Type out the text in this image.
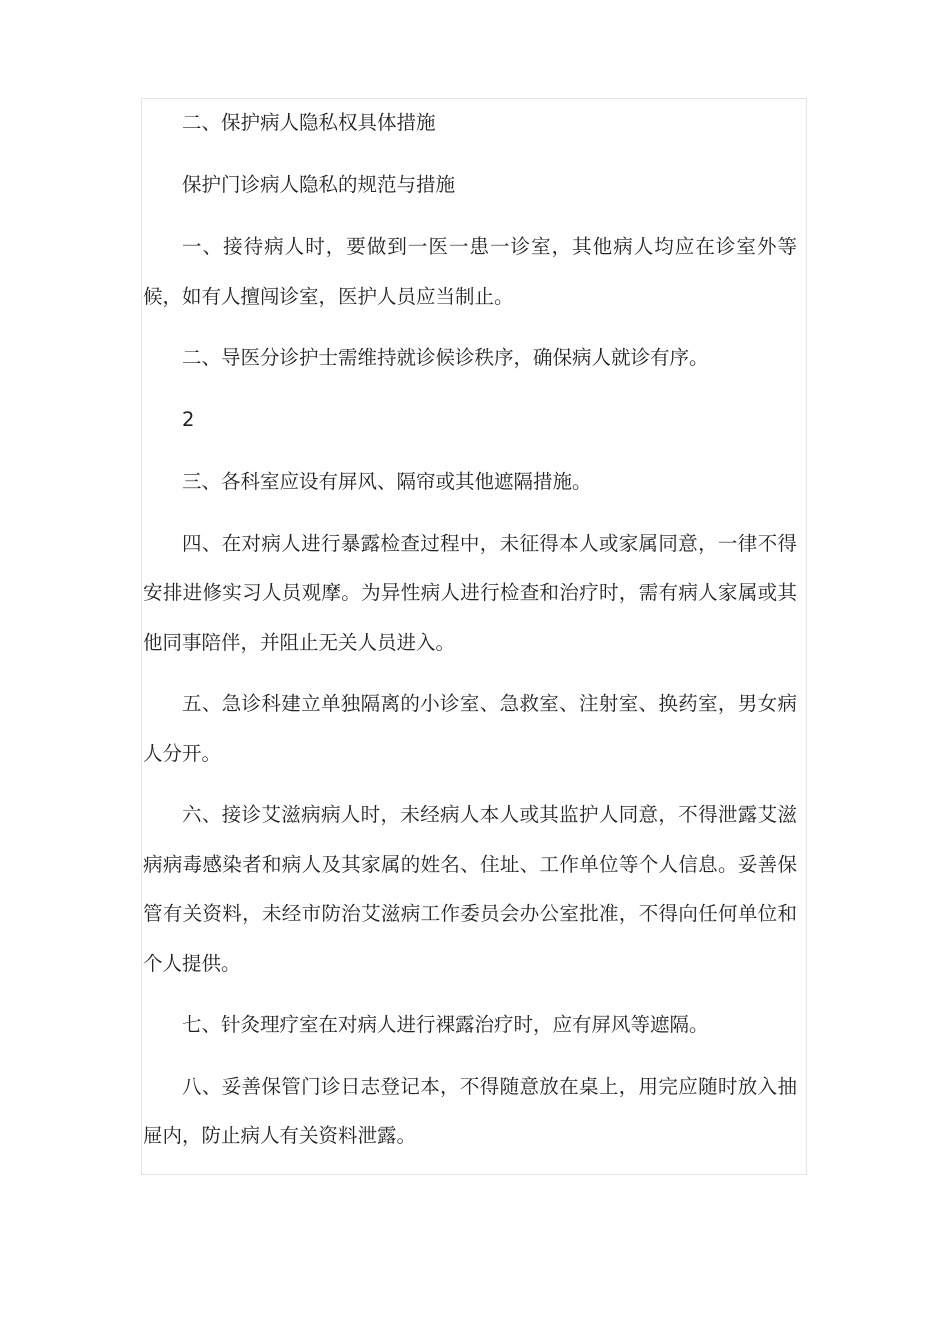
二、保护病人隐私权具体措施

保护门诊病人隐私的规范与措施

一、接待病人时，要做到一医一患一诊室，其他病人均应在诊室外等候，如有人擅闯诊室，医护人员应当制止。

二、导医分诊护士需维持就诊候诊秩序，确保病人就诊有序。

2

三、各科室应设有屏风、隔帘或其他遮隔措施。

四、在对病人进行暴露检查过程中，未征得本人或家属同意，一律不得安排进修实习人员观摩。为异性病人进行检查和治疗时，需有病人家属或其他同事陪伴，并阻止无关人员进入。

五、急诊科建立单独隔离的小诊室、急救室、注射室、换药室，男女病人分开。

六、接诊艾滋病病人时，未经病人本人或其监护人同意，不得泄露艾滋病病毒感染者和病人及其家属的姓名、住址、工作单位等个人信息。妥善保管有关资料，未经市防治艾滋病工作委员会办公室批准，不得向任何单位和个人提供。

七、针灸理疗室在对病人进行裸露治疗时，应有屏风等遮隔。

八、妥善保管门诊日志登记本，不得随意放在桌上，用完应随时放入抽屉内，防止病人有关资料泄露。
